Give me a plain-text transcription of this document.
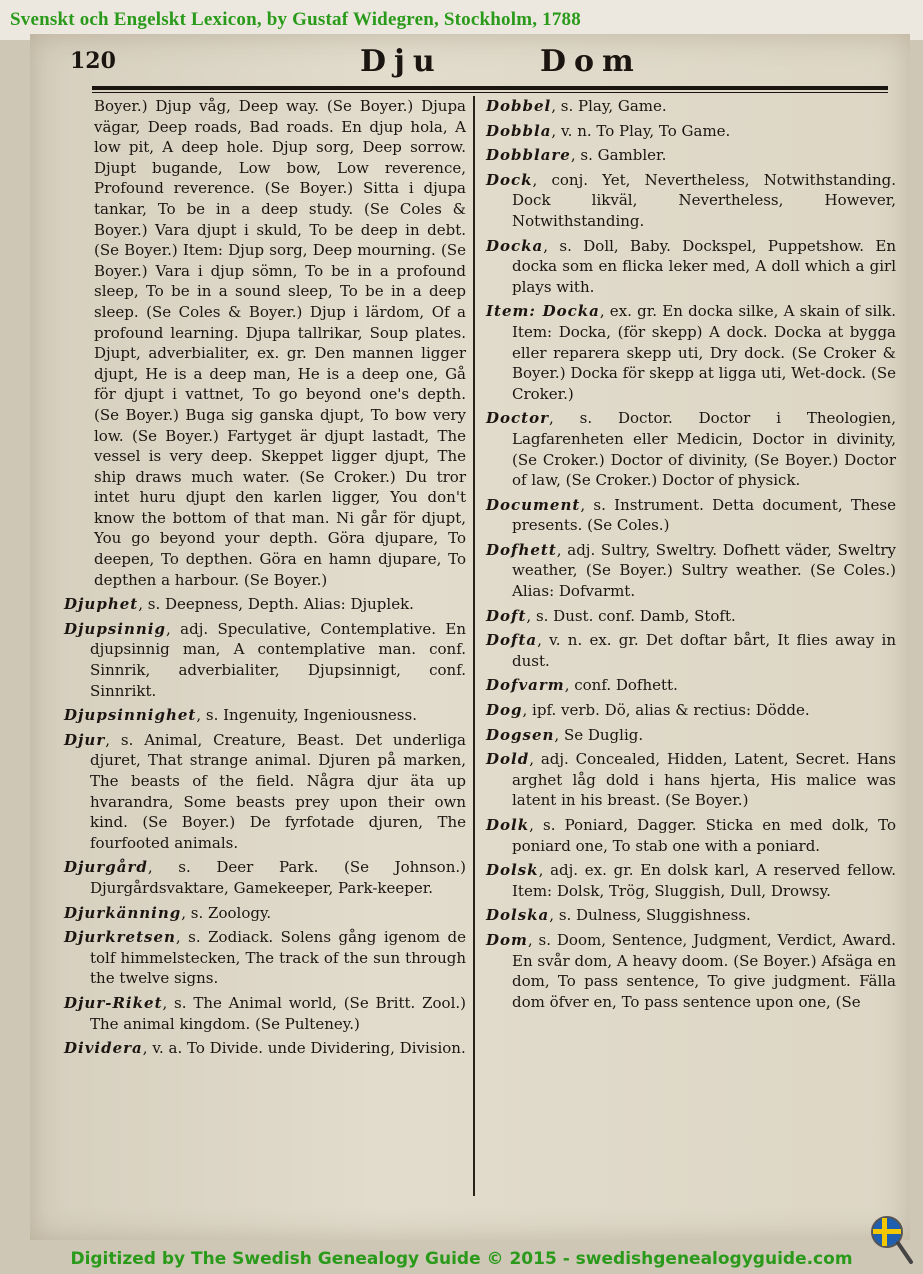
Svenskt och Engelskt Lexicon, by Gustaf Widegren, Stockholm, 1788
120	Dju	Dom

Boyer.) Djup våg, Deep way. (Se Boyer.) Djupa vägar, Deep roads, Bad roads. En djup hola, A low pit, A deep hole. Djup sorg, Deep sorrow. Djupt bugande, Low bow, Low reverence, Profound reverence. (Se Boyer.) Sitta i djupa tankar, To be in a deep study. (Se Coles & Boyer.) Vara djupt i skuld, To be deep in debt. (Se Boyer.) Item: Djup sorg, Deep mourning. (Se Boyer.) Vara i djup sömn, To be in a profound sleep, To be in a sound sleep, To be in a deep sleep. (Se Coles & Boyer.) Djup i lärdom, Of a profound learning. Djupa tallrikar, Soup plates. Djupt, adverbialiter, ex. gr. Den mannen ligger djupt, He is a deep man, He is a deep one, Gå för djupt i vattnet, To go beyond one's depth. (Se Boyer.) Buga sig ganska djupt, To bow very low. (Se Boyer.) Fartyget är djupt lastadt, The vessel is very deep. Skeppet ligger djupt, The ship draws much water. (Se Croker.) Du tror intet huru djupt den karlen ligger, You don't know the bottom of that man. Ni går för djupt, You go beyond your depth. Göra djupare, To deepen, To depthen. Göra en hamn djupare, To depthen a harbour. (Se Boyer.)

Djuphet, s. Deepness, Depth. Alias: Djuplek.

Djupsinnig, adj. Speculative, Contemplative. En djupsinnig man, A contemplative man. conf. Sinnrik, adverbialiter, Djupsinnigt, conf. Sinnrikt.

Djupsinnighet, s. Ingenuity, Ingeniousness.

Djur, s. Animal, Creature, Beast. Det underliga djuret, That strange animal. Djuren på marken, The beasts of the field. Några djur äta up hvarandra, Some beasts prey upon their own kind. (Se Boyer.) De fyrfotade djuren, The fourfooted animals.

Djurgård, s. Deer Park. (Se Johnson.) Djurgårdsvaktare, Gamekeeper, Park-keeper.

Djurkänning, s. Zoology.

Djurkretsen, s. Zodiack. Solens gång igenom de tolf himmelstecken, The track of the sun through the twelve signs.

Djur-Riket, s. The Animal world, (Se Britt. Zool.) The animal kingdom. (Se Pulteney.)

Dividera, v. a. To Divide. unde Dividering, Division.

Dobbel, s. Play, Game.

Dobbla, v. n. To Play, To Game.

Dobblare, s. Gambler.

Dock, conj. Yet, Nevertheless, Notwithstanding. Dock likväl, Nevertheless, However, Notwithstanding.

Docka, s. Doll, Baby. Dockspel, Puppetshow. En docka som en flicka leker med, A doll which a girl plays with.

Item: Docka, ex. gr. En docka silke, A skain of silk. Item: Docka, (för skepp) A dock. Docka at bygga eller reparera skepp uti, Dry dock. (Se Croker & Boyer.) Docka för skepp at ligga uti, Wet-dock. (Se Croker.)

Doctor, s. Doctor. Doctor i Theologien, Lagfarenheten eller Medicin, Doctor in divinity, (Se Croker.) Doctor of divinity, (Se Boyer.) Doctor of law, (Se Croker.) Doctor of physick.

Document, s. Instrument. Detta document, These presents. (Se Coles.)

Dofhett, adj. Sultry, Sweltry. Dofhett väder, Sweltry weather, (Se Boyer.) Sultry weather. (Se Coles.) Alias: Dofvarmt.

Doft, s. Dust. conf. Damb, Stoft.

Dofta, v. n. ex. gr. Det doftar bårt, It flies away in dust.

Dofvarm, conf. Dofhett.

Dog, ipf. verb. Dö, alias & rectius: Dödde.

Dogsen, Se Duglig.

Dold, adj. Concealed, Hidden, Latent, Secret. Hans arghet låg dold i hans hjerta, His malice was latent in his breast. (Se Boyer.)

Dolk, s. Poniard, Dagger. Sticka en med dolk, To poniard one, To stab one with a poniard.

Dolsk, adj. ex. gr. En dolsk karl, A reserved fellow. Item: Dolsk, Trög, Sluggish, Dull, Drowsy.

Dolska, s. Dulness, Sluggishness.

Dom, s. Doom, Sentence, Judgment, Verdict, Award. En svår dom, A heavy doom. (Se Boyer.) Afsäga en dom, To pass sentence, To give judgment. Fälla dom öfver en, To pass sentence upon one, (Se

Digitized by The Swedish Genealogy Guide © 2015 - swedishgenealogyguide.com
